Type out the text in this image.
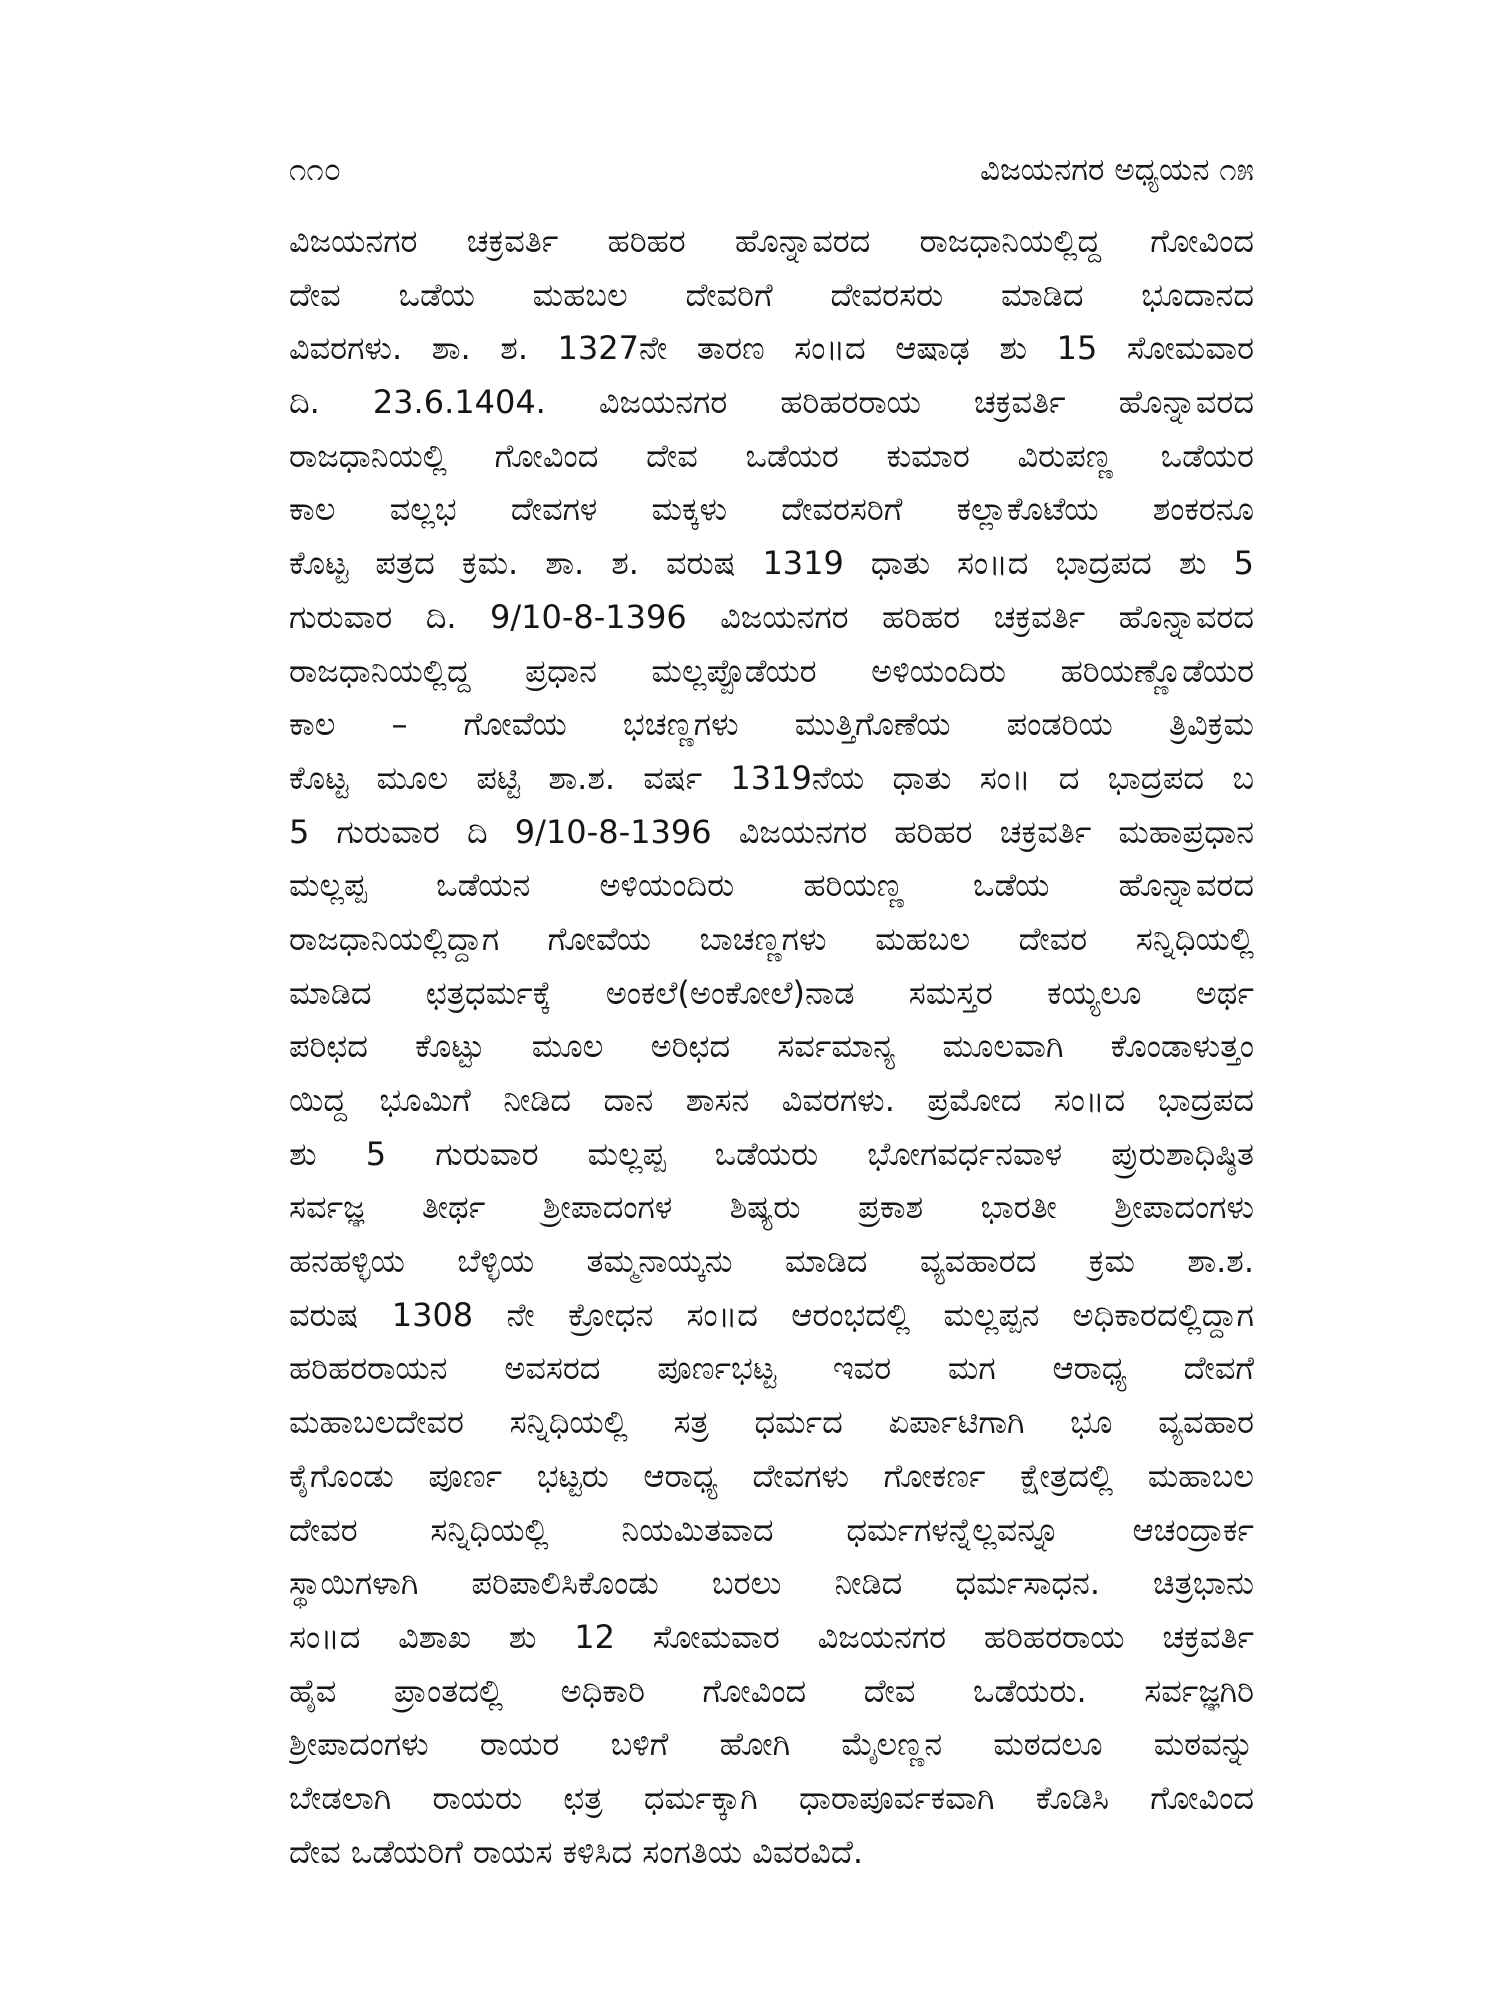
೧೧೦	ವಿಜಯನಗರ ಅಧ್ಯಯನ ೧೫
ವಿಜಯನಗರ ಚಕ್ರವರ್ತಿ ಹರಿಹರ ಹೊನ್ನಾವರದ ರಾಜಧಾನಿಯಲ್ಲಿದ್ದ ಗೋವಿಂದ
ದೇವ ಒಡೆಯ ಮಹಬಲ ದೇವರಿಗೆ ದೇವರಸರು ಮಾಡಿದ ಭೂದಾನದ
ವಿವರಗಳು. ಶಾ. ಶ. 1327ನೇ ತಾರಣ ಸಂ॥ದ ಆಷಾಢ ಶು 15 ಸೋಮವಾರ
ದಿ. 23.6.1404. ವಿಜಯನಗರ ಹರಿಹರರಾಯ ಚಕ್ರವರ್ತಿ ಹೊನ್ನಾವರದ
ರಾಜಧಾನಿಯಲ್ಲಿ ಗೋವಿಂದ ದೇವ ಒಡೆಯರ ಕುಮಾರ ವಿರುಪಣ್ಣ ಒಡೆಯರ
ಕಾಲ ವಲ್ಲಭ ದೇವಗಳ ಮಕ್ಕಳು ದೇವರಸರಿಗೆ ಕಲ್ಲಾಕೊಟೆಯ ಶಂಕರನೂ
ಕೊಟ್ಟ ಪತ್ರದ ಕ್ರಮ. ಶಾ. ಶ. ವರುಷ 1319 ಧಾತು ಸಂ॥ದ ಭಾದ್ರಪದ ಶು 5
ಗುರುವಾರ ದಿ. 9/10-8-1396 ವಿಜಯನಗರ ಹರಿಹರ ಚಕ್ರವರ್ತಿ ಹೊನ್ನಾವರದ
ರಾಜಧಾನಿಯಲ್ಲಿದ್ದ ಪ್ರಧಾನ ಮಲ್ಲಪ್ಪೊಡೆಯರ ಅಳಿಯಂದಿರು ಹರಿಯಣ್ಣೊಡೆಯರ
ಕಾಲ – ಗೋವೆಯ ಭಚಣ್ಣಗಳು ಮುತ್ತಿಗೊಣೆಯ ಪಂಡರಿಯ ತ್ರಿವಿಕ್ರಮ
ಕೊಟ್ಟ ಮೂಲ ಪಟ್ಟಿ ಶಾ.ಶ. ವರ್ಷ 1319ನೆಯ ಧಾತು ಸಂ॥ ದ ಭಾದ್ರಪದ ಬ
5 ಗುರುವಾರ ದಿ 9/10-8-1396 ವಿಜಯನಗರ ಹರಿಹರ ಚಕ್ರವರ್ತಿ ಮಹಾಪ್ರಧಾನ
ಮಲ್ಲಪ್ಪ ಒಡೆಯನ ಅಳಿಯಂದಿರು ಹರಿಯಣ್ಣ ಒಡೆಯ ಹೊನ್ನಾವರದ
ರಾಜಧಾನಿಯಲ್ಲಿದ್ದಾಗ ಗೋವೆಯ ಬಾಚಣ್ಣಗಳು ಮಹಬಲ ದೇವರ ಸನ್ನಿಧಿಯಲ್ಲಿ
ಮಾಡಿದ ಛತ್ರಧರ್ಮಕ್ಕೆ ಅಂಕಲೆ(ಅಂಕೋಲೆ)ನಾಡ ಸಮಸ್ತರ ಕಯ್ಯಲೂ ಅರ್ಥ
ಪರಿಛದ ಕೊಟ್ಟು ಮೂಲ ಅರಿಛದ ಸರ್ವಮಾನ್ಯ ಮೂಲವಾಗಿ ಕೊಂಡಾಳುತ್ತಂ
ಯಿದ್ದ ಭೂಮಿಗೆ ನೀಡಿದ ದಾನ ಶಾಸನ ವಿವರಗಳು. ಪ್ರಮೋದ ಸಂ॥ದ ಭಾದ್ರಪದ
ಶು 5 ಗುರುವಾರ ಮಲ್ಲಪ್ಪ ಒಡೆಯರು ಭೋಗವರ್ಧನವಾಳ ಪ್ರುರುಶಾಧಿಷ್ಠಿತ
ಸರ್ವಜ್ಞ ತೀರ್ಥ ಶ್ರೀಪಾದಂಗಳ ಶಿಷ್ಯರು ಪ್ರಕಾಶ ಭಾರತೀ ಶ್ರೀಪಾದಂಗಳು
ಹನಹಳ್ಳಿಯ ಬೆಳ್ಳಿಯ ತಮ್ಮನಾಯ್ಕನು ಮಾಡಿದ ವ್ಯವಹಾರದ ಕ್ರಮ ಶಾ.ಶ.
ವರುಷ 1308 ನೇ ಕ್ರೋಧನ ಸಂ॥ದ ಆರಂಭದಲ್ಲಿ ಮಲ್ಲಪ್ಪನ ಅಧಿಕಾರದಲ್ಲಿದ್ದಾಗ
ಹರಿಹರರಾಯನ ಅವಸರದ ಪೂರ್ಣಭಟ್ಟ ಇವರ ಮಗ ಆರಾಧ್ಯ ದೇವಗೆ
ಮಹಾಬಲದೇವರ ಸನ್ನಿಧಿಯಲ್ಲಿ ಸತ್ರ ಧರ್ಮದ ಏರ್ಪಾಟಿಗಾಗಿ ಭೂ ವ್ಯವಹಾರ
ಕೈಗೊಂಡು ಪೂರ್ಣ ಭಟ್ಟರು ಆರಾಧ್ಯ ದೇವಗಳು ಗೋಕರ್ಣ ಕ್ಷೇತ್ರದಲ್ಲಿ ಮಹಾಬಲ
ದೇವರ ಸನ್ನಿಧಿಯಲ್ಲಿ ನಿಯಮಿತವಾದ ಧರ್ಮಗಳನ್ನೆಲ್ಲವನ್ನೂ ಆಚಂದ್ರಾರ್ಕ
ಸ್ಥಾಯಿಗಳಾಗಿ ಪರಿಪಾಲಿಸಿಕೊಂಡು ಬರಲು ನೀಡಿದ ಧರ್ಮಸಾಧನ. ಚಿತ್ರಭಾನು
ಸಂ॥ದ ವಿಶಾಖ ಶು 12 ಸೋಮವಾರ ವಿಜಯನಗರ ಹರಿಹರರಾಯ ಚಕ್ರವರ್ತಿ
ಹೈವ ಪ್ರಾಂತದಲ್ಲಿ ಅಧಿಕಾರಿ ಗೋವಿಂದ ದೇವ ಒಡೆಯರು. ಸರ್ವಜ್ಞಗಿರಿ
ಶ್ರೀಪಾದಂಗಳು ರಾಯರ ಬಳಿಗೆ ಹೋಗಿ ಮೈಲಣ್ಣನ ಮಠದಲೂ ಮಠವನ್ನು
ಬೇಡಲಾಗಿ ರಾಯರು ಛತ್ರ ಧರ್ಮಕ್ಕಾಗಿ ಧಾರಾಪೂರ್ವಕವಾಗಿ ಕೊಡಿಸಿ ಗೋವಿಂದ
ದೇವ ಒಡೆಯರಿಗೆ ರಾಯಸ ಕಳಿಸಿದ ಸಂಗತಿಯ ವಿವರವಿದೆ.
